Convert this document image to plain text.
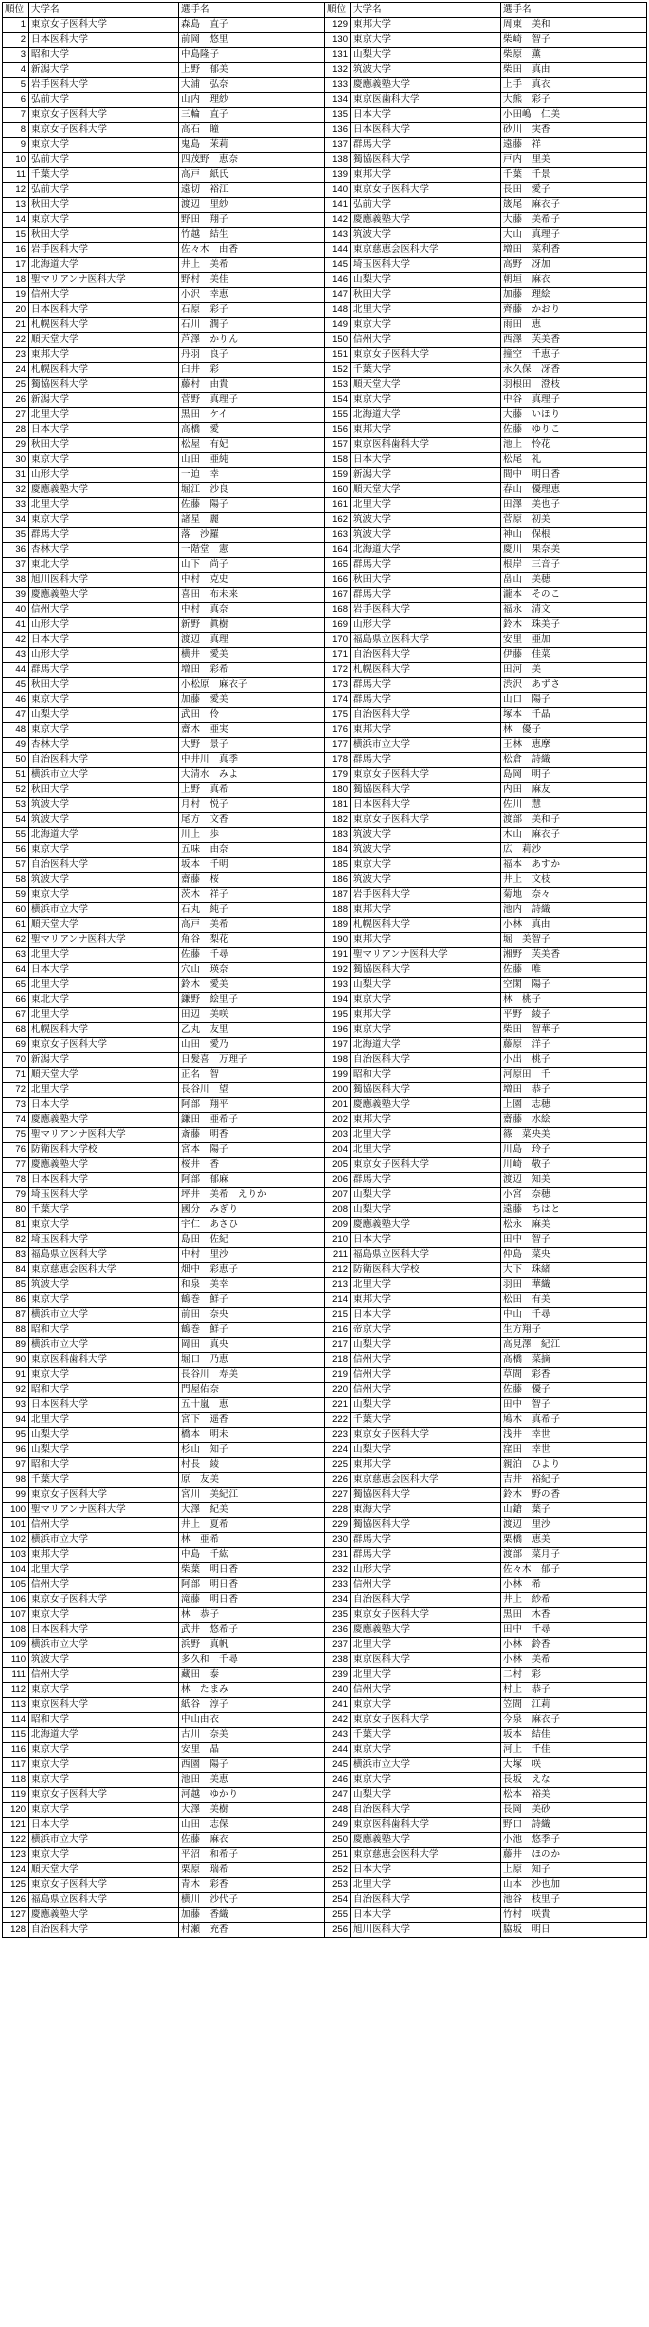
順位	大学名	選手名	順位	大学名	選手名
1	東京女子医科大学	森島　直子	129	東邦大学	周東　美和
2	日本医科大学	前岡　悠里	130	東京大学	柴崎　智子
3	昭和大学	中島隆子	131	山梨大学	柴原　薫
4	新潟大学	上野　郁美	132	筑波大学	柴田　真由
5	岩手医科大学	大浦　弘奈	133	慶應義塾大学	上手　真衣
6	弘前大学	山内　理紗	134	東京医歯科大学	大熊　彩子
7	東京女子医科大学	三輪　直子	135	日本大学	小田嶋　仁美
8	東京女子医科大学	高石　瞳	136	日本医科大学	砂川　実香
9	東京大学	鬼島　茉莉	137	群馬大学	遠藤　祥
10	弘前大学	四茂野　恵奈	138	獨協医科大学	戸内　里美
11	千葉大学	高戸　紙氏	139	東邦大学	千葉　千景
12	弘前大学	遠切　裕江	140	東京女子医科大学	長田　愛子
13	秋田大学	渡辺　里紗	141	弘前大学	筬尾　麻衣子
14	東京大学	野田　翔子	142	慶應義塾大学	大藤　美希子
15	秋田大学	竹越　結生	143	筑波大学	大山　真理子
16	岩手医科大学	佐々木　由香	144	東京慈恵会医科大学	増田　菜利香
17	北海道大学	井上　美希	145	埼玉医科大学	高野　冴加
18	聖マリアンナ医科大学	野村　美佳	146	山梨大学	朝垣　麻衣
19	信州大学	小沢　幸恵	147	秋田大学	加藤　理絵
20	日本医科大学	石原　彩子	148	北里大学	齊藤　かおり
21	札幌医科大学	石川　潤子	149	東京大学	雨田　恵
22	順天堂大学	芦澤　かりん	150	信州大学	西澤　芙美香
23	東邦大学	丹羽　良子	151	東京女子医科大学	撞空　千恵子
24	札幌医科大学	臼井　彩	152	千葉大学	永久保　冴香
25	獨協医科大学	藤村　由貴	153	順天堂大学	羽根田　澄枝
26	新潟大学	菅野　真理子	154	東京大学	中谷　真理子
27	北里大学	黒田　ケイ	155	北海道大学	大藤　いほり
28	日本大学	高橋　愛	156	東邦大学	佐藤　ゆりこ
29	秋田大学	松屋　有妃	157	東京医科歯科大学	池上　怜花
30	東京大学	山田　亜純	158	日本大学	松尾　礼
31	山形大学	一迫　幸	159	新潟大学	間中　明日香
32	慶應義塾大学	堀江　沙良	160	順天堂大学	春山　優理恵
33	北里大学	佐藤　陽子	161	北里大学	田澤　美也子
34	東京大学	諸星　麗	162	筑波大学	菅原　初美
35	群馬大学	落　沙羅	163	筑波大学	神山　保根
36	杏林大学	一階堂　憲	164	北海道大学	慶川　果奈美
37	東北大学	山下　尚子	165	群馬大学	根岸　三音子
38	旭川医科大学	中村　克史	166	秋田大学	畠山　美穂
39	慶應義塾大学	喜田　布未来	167	群馬大学	瀧本　そのこ
40	信州大学	中村　真奈	168	岩手医科大学	福永　清文
41	山形大学	新野　眞樹	169	山形大学	鈴木　珠美子
42	日本大学	渡辺　真理	170	福島県立医科大学	安里　亜加
43	山形大学	横井　愛美	171	自治医科大学	伊藤　佳菜
44	群馬大学	増田　彩希	172	札幌医科大学	田河　美
45	秋田大学	小松原　麻衣子	173	群馬大学	渋沢　あずさ
46	東京大学	加藤　愛美	174	群馬大学	山口　陽子
47	山梨大学	武田　伶	175	自治医科大学	塚本　千晶
48	東京大学	齋木　亜実	176	東邦大学	林　優子
49	杏林大学	大野　景子	177	横浜市立大学	王林　恵摩
50	自治医科大学	中井川　真季	178	群馬大学	松倉　詩織
51	横浜市立大学	大清水　みよ	179	東京女子医科大学	島岡　明子
52	秋田大学	上野　真希	180	獨協医科大学	内田　麻友
53	筑波大学	月村　悦子	181	日本医科大学	佐川　慧
54	筑波大学	尾方　文香	182	東京女子医科大学	渡部　美和子
55	北海道大学	川上　歩	183	筑波大学	木山　麻衣子
56	東京大学	五味　由奈	184	筑波大学	広　莉沙
57	自治医科大学	坂本　千明	185	東京大学	福本　あすか
58	筑波大学	齋藤　桜	186	筑波大学	井上　文枝
59	東京大学	茨木　祥子	187	岩手医科大学	菊地　奈々
60	横浜市立大学	石丸　純子	188	東邦大学	池内　詩織
61	順天堂大学	高戸　美希	189	札幌医科大学	小林　真由
62	聖マリアンナ医科大学	角谷　梨花	190	東邦大学	堀　美智子
63	北里大学	佐藤　千尋	191	聖マリアンナ医科大学	湘野　芙美香
64	日本大学	穴山　瑛奈	192	獨協医科大学	佐藤　唯
65	北里大学	鈴木　愛美	193	山梨大学	空閑　陽子
66	東北大学	鎌野　絵里子	194	東京大学	林　桃子
67	北里大学	田辺　美咲	195	東邦大学	平野　綾子
68	札幌医科大学	乙丸　友里	196	東京大学	柴田　智華子
69	東京女子医科大学	山田　愛乃	197	北海道大学	藤原　洋子
70	新潟大学	日髪喜　万理子	198	自治医科大学	小出　桃子
71	順天堂大学	正名　智	199	昭和大学	河原田　千
72	北里大学	長谷川　望	200	獨協医科大学	増田　恭子
73	日本大学	阿部　翔平	201	慶應義塾大学	上園　志穂
74	慶應義塾大学	鎌田　亜希子	202	東邦大学	齋藤　水絵
75	聖マリアンナ医科大学	斎藤　明香	203	北里大学	篠　菜央美
76	防衛医科大学校	宮本　陽子	204	北里大学	川島　玲子
77	慶應義塾大学	桜井　香	205	東京女子医科大学	川崎　敬子
78	日本医科大学	阿部　郁麻	206	群馬大学	渡辺　知美
79	埼玉医科大学	坪井　美希　えりか	207	山梨大学	小宮　奈穂
80	千葉大学	國分　みぎり	208	山梨大学	遠藤　ちはと
81	東京大学	宇仁　あさひ	209	慶應義塾大学	松永　麻美
82	埼玉医科大学	島田　佐紀	210	日本大学	田中　智子
83	福島県立医科大学	中村　里沙	211	福島県立医科大学	仲島　菜央
84	東京慈恵会医科大学	畑中　彩恵子	212	防衛医科大学校	大下　珠緒
85	筑波大学	和泉　美幸	213	北里大学	羽田　華織
86	東京大学	鶴巻　鮮子	214	東邦大学	松田　有美
87	横浜市立大学	前田　奈央	215	日本大学	中山　千尋
88	昭和大学	鶴巻　鮮子	216	帝京大学	生方翔子
89	横浜市立大学	岡田　真央	217	山梨大学	高見澤　紀江
90	東京医科歯科大学	堀口　乃恵	218	信州大学	高橋　菜摘
91	東京大学	長谷川　寿美	219	信州大学	草間　彩香
92	昭和大学	門屋佑奈	220	信州大学	佐藤　優子
93	日本医科大学	五十嵐　恵	221	山梨大学	田中　智子
94	北里大学	宮下　遥香	222	千葉大学	鳩木　真希子
95	山梨大学	橋本　明未	223	東京女子医科大学	浅井　幸世
96	山梨大学	杉山　知子	224	山梨大学	窪田　幸世
97	昭和大学	村長　綾	225	東邦大学	親泊　ひより
98	千葉大学	原　友美	226	東京慈恵会医科大学	吉井　裕紀子
99	東京女子医科大学	宮川　美紀江	227	獨協医科大学	鈴木　野の香
100	聖マリアンナ医科大学	大澤　紀美	228	東海大学	山鎗　葉子
101	信州大学	井上　夏希	229	獨協医科大学	渡辺　里沙
102	横浜市立大学	林　亜希	230	群馬大学	栗橋　恵美
103	東邦大学	中島　千紘	231	群馬大学	渡部　菜月子
104	北里大学	柴葉　明日香	232	山形大学	佐々木　郁子
105	信州大学	阿部　明日香	233	信州大学	小林　希
106	東京女子医科大学	滝藤　明日香	234	自治医科大学	井上　紗希
107	東京大学	林　恭子	235	東京女子医科大学	黒田　木香
108	日本医科大学	武井　悠希子	236	慶應義塾大学	田中　千尋
109	横浜市立大学	浜野　真帆	237	北里大学	小林　鈴香
110	筑波大学	多久和　千尋	238	東京医科大学	小林　美希
111	信州大学	藏田　泰	239	北里大学	二村　彩
112	東京大学	林　たまみ	240	信州大学	村上　恭子
113	東京医科大学	紙谷　淳子	241	東京大学	笠間　江莉
114	昭和大学	中山由衣	242	東京女子医科大学	今泉　麻衣子
115	北海道大学	古川　奈美	243	千葉大学	坂本　結佳
116	東京大学	安里　晶	244	東京大学	河上　千佳
117	東京大学	西園　陽子	245	横浜市立大学	大塚　咲
118	東京大学	池田　美恵	246	東京大学	長坂　えな
119	東京女子医科大学	河越　ゆかり	247	山梨大学	松本　裕美
120	東京大学	大澤　美樹	248	自治医科大学	長岡　美砂
121	日本大学	山田　志保	249	東京医科歯科大学	野口　詩織
122	横浜市立大学	佐藤　麻衣	250	慶應義塾大学	小池　悠季子
123	東京大学	平沼　和希子	251	東京慈恵会医科大学	藤井　ほのか
124	順天堂大学	栗原　瑞希	252	日本大学	上原　知子
125	東京女子医科大学	青木　彩香	253	北里大学	山本　沙也加
126	福島県立医科大学	横川　沙代子	254	自治医科大学	池谷　枝里子
127	慶應義塾大学	加藤　香織	255	日本大学	竹村　咲貴
128	自治医科大学	村瀬　充香	256	旭川医科大学	脇坂　明日
